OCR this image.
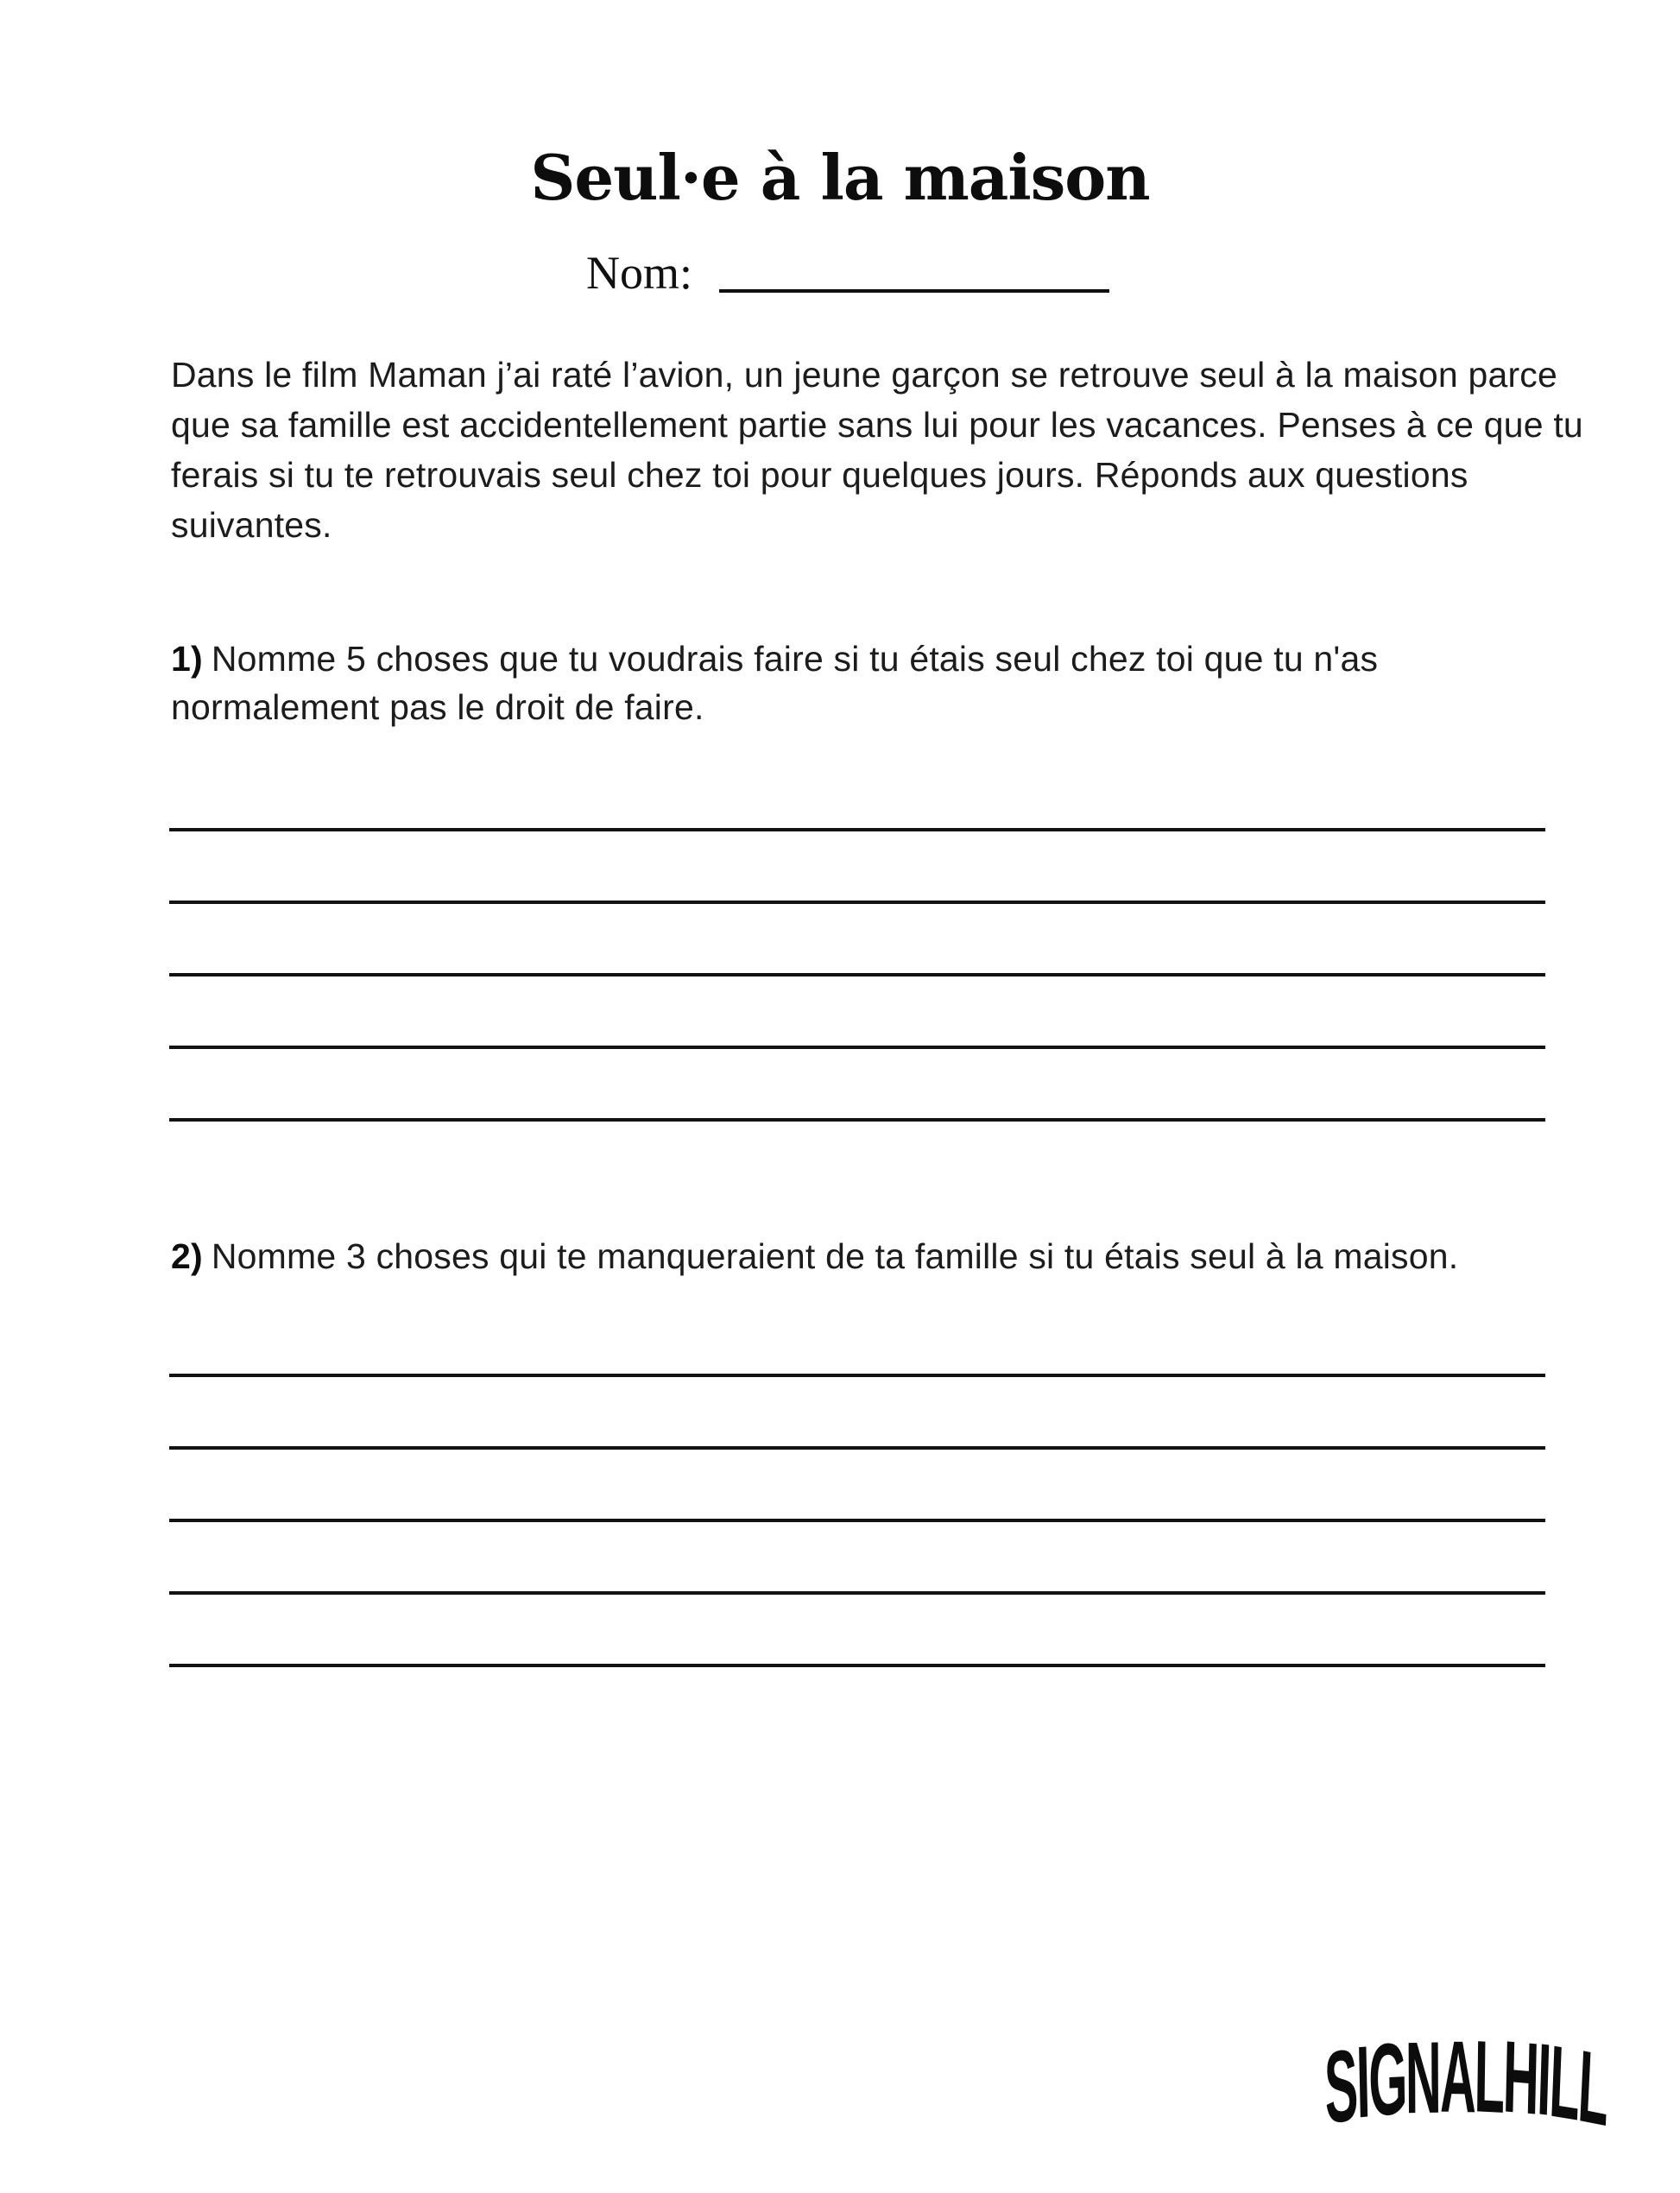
Seul·e à la maison
Nom:

Dans le film Maman j’ai raté l’avion, un jeune garçon se retrouve seul à la maison parce que sa famille est accidentellement partie sans lui pour les vacances. Penses à ce que tu ferais si tu te retrouvais seul chez toi pour quelques jours. Réponds aux questions suivantes.

1) Nomme 5 choses que tu voudrais faire si tu étais seul chez toi que tu n'as normalement pas le droit de faire.

2) Nomme 3 choses qui te manqueraient de ta famille si tu étais seul à la maison.

SIGNALHILL
